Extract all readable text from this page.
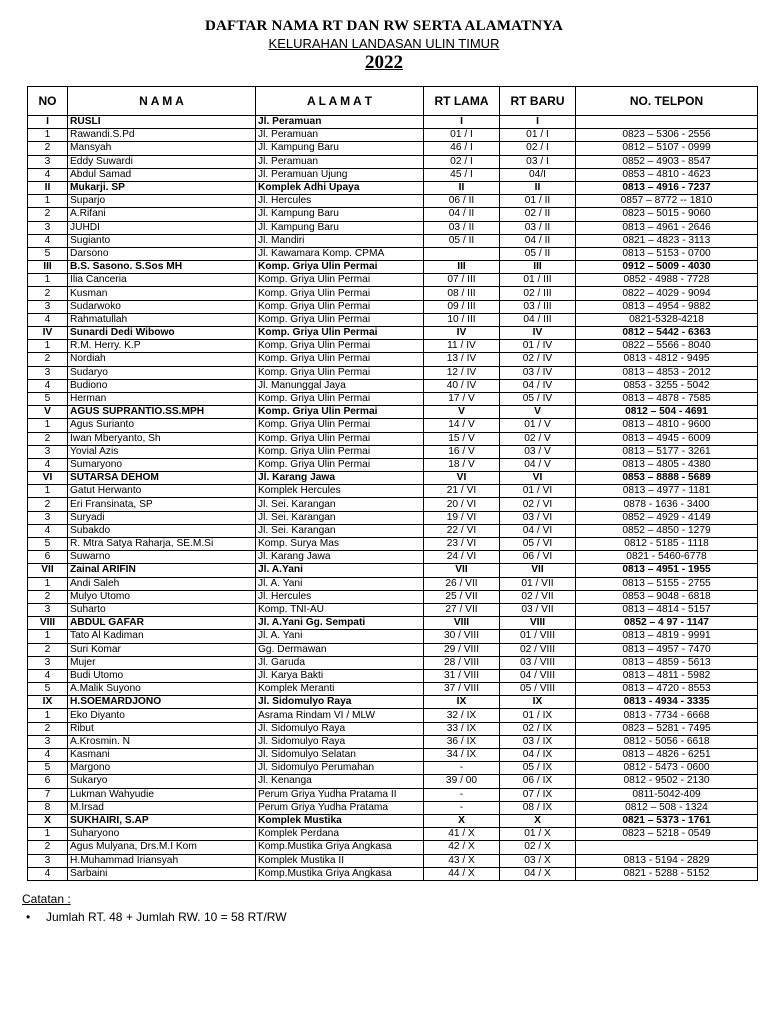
DAFTAR NAMA RT DAN RW SERTA ALAMATNYA
KELURAHAN LANDASAN ULIN TIMUR
2022
NO	N A M A	A L A M A T	RT LAMA	RT BARU	NO. TELPON
I	RUSLI	Jl. Peramuan	I	I	
1	Rawandi.S.Pd	Jl. Peramuan	01 / I	01 / I	0823 – 5306 - 2556
2	Mansyah	Jl. Kampung Baru	46 / I	02 / I	0812 – 5107 - 0999
3	Eddy Suwardi	Jl. Peramuan	02 / I	03 / I	0852 – 4903 - 8547
4	Abdul Samad	Jl. Peramuan Ujung	45 / I	04/I	0853 – 4810 - 4623
II	Mukarji. SP	Komplek Adhi Upaya	II	II	0813 – 4916 - 7237
1	Suparjo	Jl. Hercules	06 / II	01 / II	0857 – 8772 -- 1810
2	A.Rifani	Jl. Kampung Baru	04 / II	02 / II	0823 – 5015 - 9060
3	JUHDI	Jl. Kampung Baru	03 / II	03 / II	0813 – 4961 - 2646
4	Sugianto	Jl. Mandiri	05 / II	04 / II	0821 – 4823 - 3113
5	Darsono	Jl. Kawamara Komp. CPMA		05 / II	0813 – 5153 - 0700
III	B.S. Sasono. S.Sos MH	Komp. Griya Ulin Permai	III	III	0912 – 5009 - 4030
1	Ilia Canceria	Komp. Griya Ulin Permai	07 / III	01 / III	0852 - 4988 - 7728
2	Kusman	Komp. Griya Ulin Permai	08 / III	02 / III	0822 – 4029 - 9094
3	Sudarwoko	Komp. Griya Ulin Permai	09 / III	03 / III	0813 – 4954 - 9882
4	Rahmatullah	Komp. Griya Ulin Permai	10 / III	04 / III	0821-5328-4218
IV	Sunardi Dedi Wibowo	Komp. Griya Ulin Permai	IV	IV	0812 – 5442 - 6363
1	R.M. Herry. K.P	Komp. Griya Ulin Permai	11 / IV	01 / IV	0822 – 5566 - 8040
2	Nordiah	Komp. Griya Ulin Permai	13 / IV	02 / IV	0813 - 4812 - 9495
3	Sudaryo	Komp. Griya Ulin Permai	12 / IV	03 / IV	0813 – 4853 - 2012
4	Budiono	Jl. Manunggal Jaya	40 / IV	04 / IV	0853 - 3255 - 5042
5	Herman	Komp. Griya Ulin Permai	17 / V	05 / IV	0813 – 4878 - 7585
V	AGUS SUPRANTIO.SS.MPH	Komp. Griya Ulin Permai	V	V	0812 – 504 - 4691
1	Agus Surianto	Komp. Griya Ulin Permai	14 / V	01 / V	0813 – 4810 - 9600
2	Iwan Mberyanto, Sh	Komp. Griya Ulin Permai	15 / V	02 / V	0813 – 4945 - 6009
3	Yovial Azis	Komp. Griya Ulin Permai	16 / V	03 / V	0813 – 5177 - 3261
4	Sumaryono	Komp. Griya Ulin Permai	18 / V	04 / V	0813 – 4805 - 4380
VI	SUTARSA DEHOM	Jl. Karang Jawa	VI	VI	0853 – 8888 - 5689
1	Gatut Herwanto	Komplek Hercules	21 / VI	01 / VI	0813 – 4977 - 1181
2	Eri Fransinata, SP	Jl. Sei. Karangan	20 / VI	02 / VI	0878 - 1636 - 3400
3	Suryadi	Jl. Sei. Karangan	19 / VI	03 / VI	0852 – 4929 - 4149
4	Subakdo	Jl. Sei. Karangan	22 / VI	04 / VI	0852 – 4850 - 1279
5	R. Mtra Satya Raharja, SE.M.Si	Komp. Surya Mas	23 / VI	05 / VI	0812 - 5185 - 1118
6	Suwarno	Jl. Karang Jawa	24 / VI	06 / VI	0821 - 5460-6778
VII	Zainal ARIFIN	Jl. A.Yani	VII	VII	0813 – 4951 - 1955
1	Andi Saleh	Jl. A. Yani	26 / VII	01 / VII	0813 – 5155 - 2755
2	Mulyo Utomo	Jl. Hercules	25 / VII	02 / VII	0853 – 9048 - 6818
3	Suharto	Komp. TNI-AU	27 / VII	03 / VII	0813 – 4814 - 5157
VIII	ABDUL GAFAR	Jl. A.Yani Gg. Sempati	VIII	VIII	0852 – 4 97 - 1147
1	Tato Al Kadiman	Jl. A. Yani	30 / VIII	01 / VIII	0813 – 4819 - 9991
2	Suri Komar	Gg. Dermawan	29 / VIII	02 / VIII	0813 – 4957 - 7470
3	Mujer	Jl. Garuda	28 / VIII	03 / VIII	0813 – 4859 - 5613
4	Budi Utomo	Jl. Karya Bakti	31 / VIII	04 / VIII	0813 – 4811 - 5982
5	A.Malik Suyono	Komplek Meranti	37 / VIII	05 / VIII	0813 – 4720 - 8553
IX	H.SOEMARDJONO	Jl. Sidomulyo Raya	IX	IX	0813 - 4934 - 3335
1	Eko Diyanto	Asrama Rindam VI / MLW	32 / IX	01 / IX	0813 - 7734 - 6668
2	Ribut	Jl. Sidomulyo Raya	33 / IX	02 / IX	0823 – 5281 - 7495
3	A.Krosmin. N	Jl. Sidomulyo Raya	36 / IX	03 / IX	0812 - 5056 - 6618
4	Kasmani	Jl. Sidomulyo Selatan	34 / IX	04 / IX	0813 – 4826 - 6251
5	Margono	Jl. Sidomulyo Perumahan	-	05 / IX	0812 - 5473 - 0600
6	Sukaryo	Jl. Kenanga	39 / 00	06 / IX	0812 - 9502 - 2130
7	Lukman Wahyudie	Perum Griya Yudha Pratama II	-	07 / IX	0811-5042-409
8	M.Irsad	Perum Griya Yudha Pratama	-	08 / IX	0812 – 508 - 1324
X	SUKHAIRI, S.AP	Komplek Mustika	X	X	0821 – 5373 - 1761
1	Suharyono	Komplek Perdana	41 / X	01 / X	0823 – 5218 - 0549
2	Agus Mulyana, Drs.M.I Kom	Komp.Mustika Griya Angkasa	42 / X	02 / X	
3	H.Muhammad Iriansyah	Komplek Mustika II	43 / X	03 / X	0813 - 5194 - 2829
4	Sarbaini	Komp.Mustika Griya Angkasa	44 / X	04 / X	0821 - 5288 - 5152
Catatan :
• Jumlah RT. 48 + Jumlah RW. 10 = 58 RT/RW
